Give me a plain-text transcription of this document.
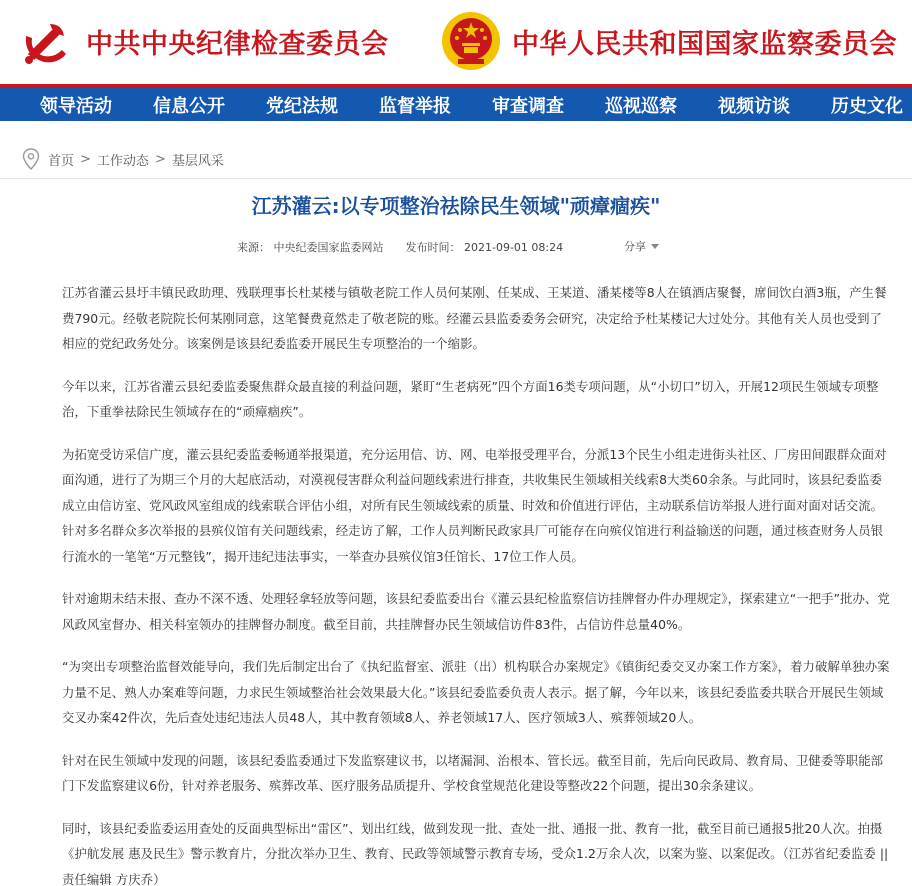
中共中央纪律检查委员会	中华人民共和国国家监察委员会
领导活动 信息公开 党纪法规 监督举报 审查调查 巡视巡察 视频访谈 历史文化
首页 > 工作动态 > 基层风采
江苏灌云:以专项整治祛除民生领域"顽瘴痼疾"
来源： 中央纪委国家监委网站 发布时间： 2021-09-01 08:24	分享

江苏省灌云县圩丰镇民政助理、残联理事长杜某楼与镇敬老院工作人员何某刚、任某成、王某道、潘某楼等8人在镇酒店聚餐，席间饮白酒3瓶，产生餐费790元。经敬老院院长何某刚同意，这笔餐费竟然走了敬老院的账。经灌云县监委委务会研究，决定给予杜某楼记大过处分。其他有关人员也受到了相应的党纪政务处分。该案例是该县纪委监委开展民生专项整治的一个缩影。

今年以来，江苏省灌云县纪委监委聚焦群众最直接的利益问题，紧盯“生老病死”四个方面16类专项问题，从“小切口”切入，开展12项民生领域专项整治，下重拳祛除民生领域存在的“顽瘴痼疾”。

为拓宽受访采信广度，灌云县纪委监委畅通举报渠道，充分运用信、访、网、电举报受理平台，分派13个民生小组走进街头社区、厂房田间跟群众面对面沟通，进行了为期三个月的大起底活动，对漠视侵害群众利益问题线索进行排查，共收集民生领域相关线索8大类60余条。与此同时，该县纪委监委成立由信访室、党风政风室组成的线索联合评估小组，对所有民生领域线索的质量、时效和价值进行评估，主动联系信访举报人进行面对面对话交流。针对多名群众多次举报的县殡仪馆有关问题线索，经走访了解，工作人员判断民政家具厂可能存在向殡仪馆进行利益输送的问题，通过核查财务人员银行流水的一笔笔“万元整钱”，揭开违纪违法事实，一举查办县殡仪馆3任馆长、17位工作人员。

针对逾期未结未报、查办不深不透、处理轻拿轻放等问题，该县纪委监委出台《灌云县纪检监察信访挂牌督办件办理规定》，探索建立“一把手”批办、党风政风室督办、相关科室领办的挂牌督办制度。截至目前，共挂牌督办民生领域信访件83件，占信访件总量40%。

“为突出专项整治监督效能导向，我们先后制定出台了《执纪监督室、派驻（出）机构联合办案规定》《镇街纪委交叉办案工作方案》，着力破解单独办案力量不足、熟人办案难等问题，力求民生领域整治社会效果最大化。”该县纪委监委负责人表示。据了解，今年以来，该县纪委监委共联合开展民生领域交叉办案42件次，先后查处违纪违法人员48人，其中教育领域8人、养老领域17人、医疗领域3人、殡葬领域20人。

针对在民生领域中发现的问题，该县纪委监委通过下发监察建议书，以堵漏洞、治根本、管长远。截至目前，先后向民政局、教育局、卫健委等职能部门下发监察建议6份，针对养老服务、殡葬改革、医疗服务品质提升、学校食堂规范化建设等整改22个问题，提出30余条建议。

同时，该县纪委监委运用查处的反面典型标出“雷区”、划出红线，做到发现一批、查处一批、通报一批、教育一批，截至目前已通报5批20人次。拍摄《护航发展 惠及民生》警示教育片，分批次举办卫生、教育、民政等领域警示教育专场，受众1.2万余人次，以案为鉴、以案促改。（江苏省纪委监委 || 责任编辑 方庆乔）
